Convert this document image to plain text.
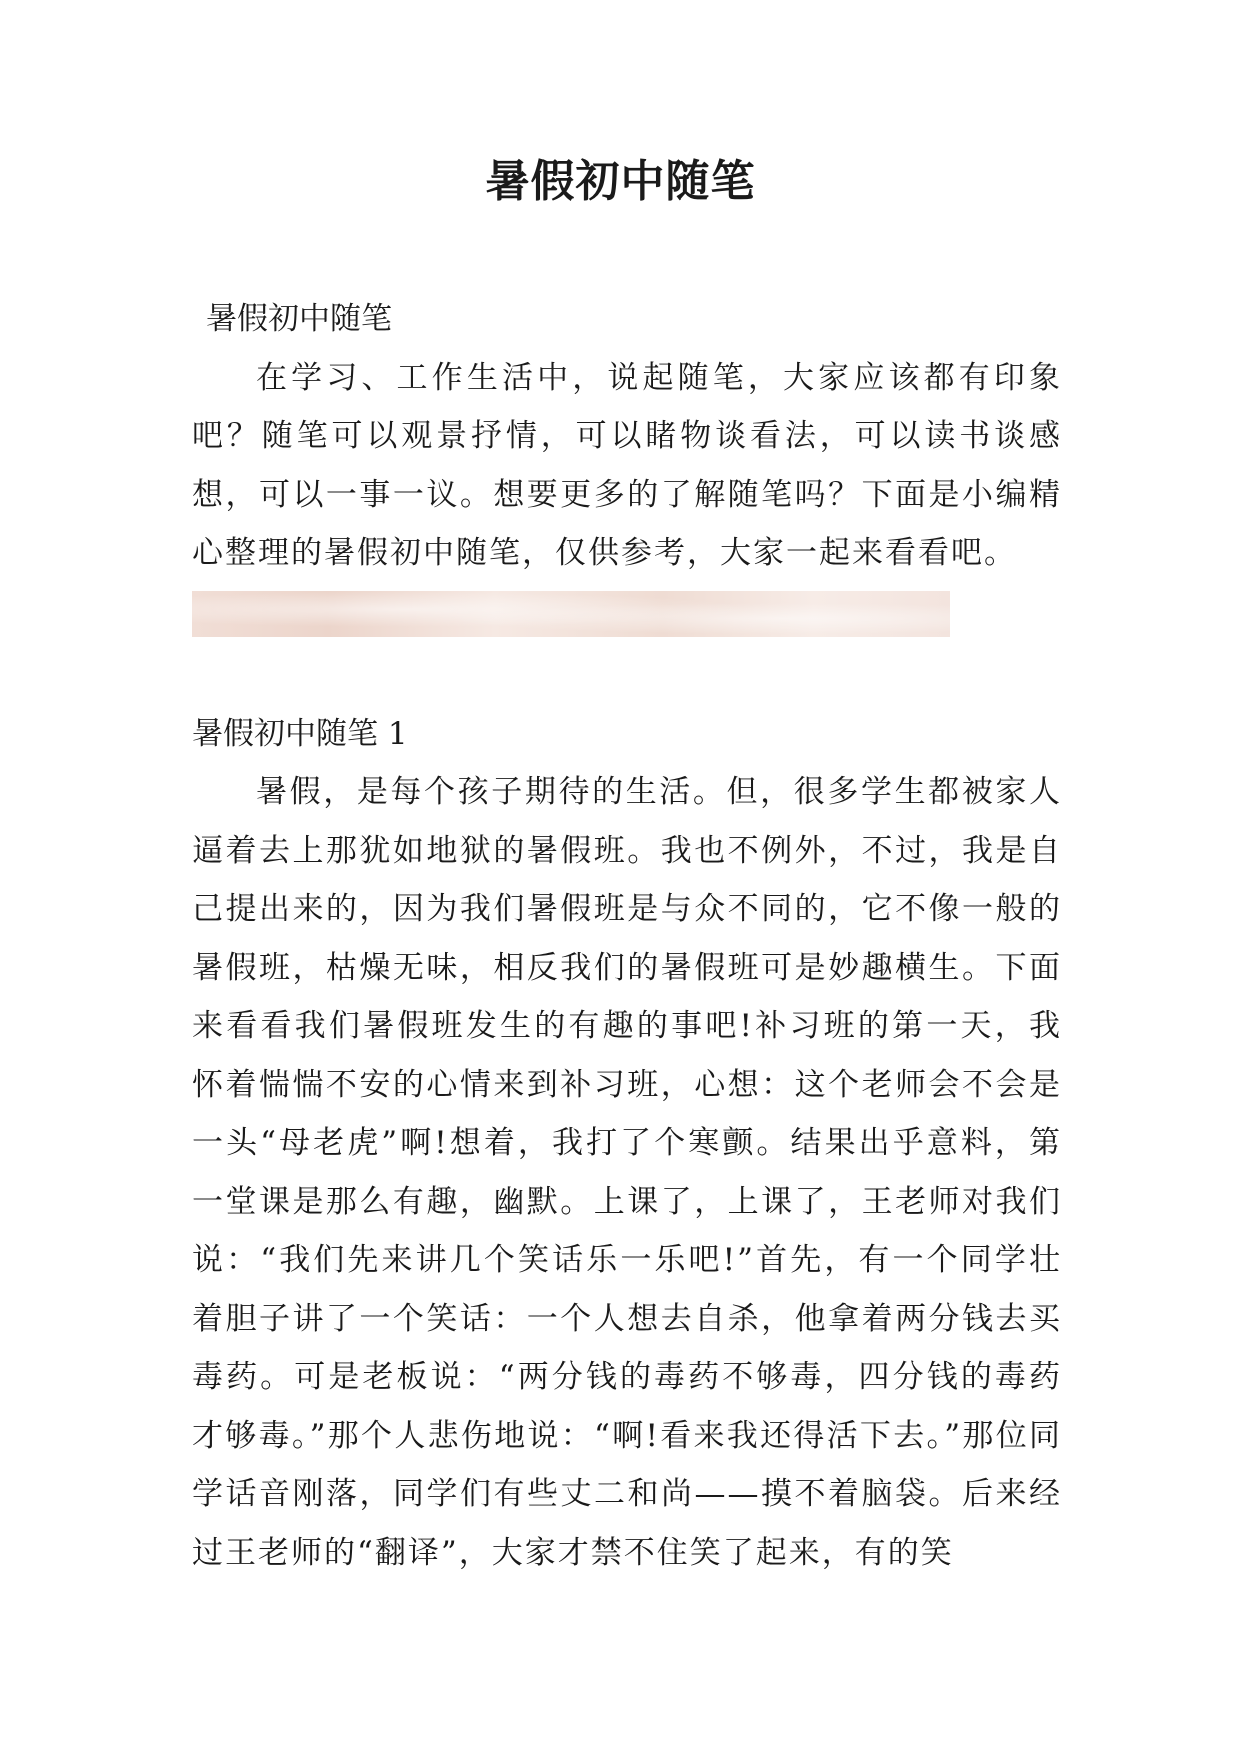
暑假初中随笔

暑假初中随笔

在学习、工作生活中，说起随笔，大家应该都有印象吧？随笔可以观景抒情，可以睹物谈看法，可以读书谈感想，可以一事一议。想要更多的了解随笔吗？下面是小编精心整理的暑假初中随笔，仅供参考，大家一起来看看吧。

暑假初中随笔 1

暑假，是每个孩子期待的生活。但，很多学生都被家人逼着去上那犹如地狱的暑假班。我也不例外，不过，我是自己提出来的，因为我们暑假班是与众不同的，它不像一般的暑假班，枯燥无味，相反我们的暑假班可是妙趣横生。下面来看看我们暑假班发生的有趣的事吧!补习班的第一天，我怀着惴惴不安的心情来到补习班，心想：这个老师会不会是一头“母老虎”啊!想着，我打了个寒颤。结果出乎意料，第一堂课是那么有趣，幽默。上课了，上课了，王老师对我们说：“我们先来讲几个笑话乐一乐吧!”首先，有一个同学壮着胆子讲了一个笑话：一个人想去自杀，他拿着两分钱去买毒药。可是老板说：“两分钱的毒药不够毒，四分钱的毒药才够毒。”那个人悲伤地说：“啊!看来我还得活下去。”那位同学话音刚落，同学们有些丈二和尚——摸不着脑袋。后来经过王老师的“翻译”，大家才禁不住笑了起来，有的笑
